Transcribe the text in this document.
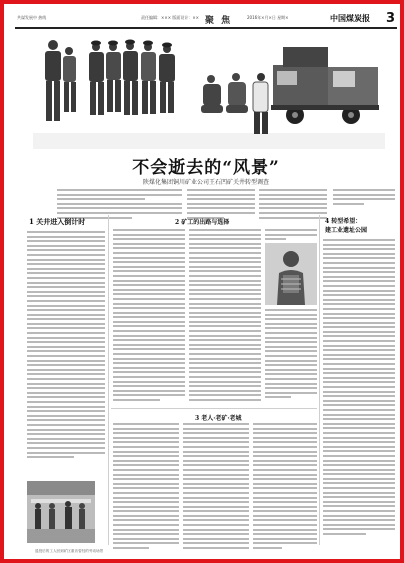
共谋发展中 热线	责任编辑：××× 版面设计：×× 聚 焦	2016年×月×日 星期×	中国煤炭报 3
不会逝去的“风景”
陕煤化集团铜川矿业公司王石凹矿关井转型调查
1 关井进入倒计时	2 矿工的出路与选择
3 老人·老矿·老城
4 转型希望：
建工业遗址公园
退役后的工人回到矿区重访曾经的劳动场景
